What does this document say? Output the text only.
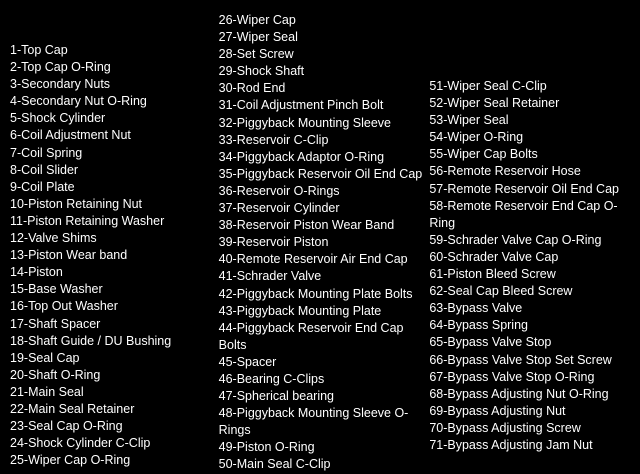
1-Top Cap
2-Top Cap O-Ring
3-Secondary Nuts
4-Secondary Nut O-Ring
5-Shock Cylinder
6-Coil Adjustment Nut
7-Coil Spring
8-Coil Slider
9-Coil Plate
10-Piston Retaining Nut
11-Piston Retaining Washer
12-Valve Shims
13-Piston Wear band
14-Piston
15-Base Washer
16-Top Out Washer
17-Shaft Spacer
18-Shaft Guide / DU Bushing
19-Seal Cap
20-Shaft O-Ring
21-Main Seal
22-Main Seal Retainer
23-Seal Cap O-Ring
24-Shock Cylinder C-Clip
25-Wiper Cap O-Ring
26-Wiper Cap
27-Wiper Seal
28-Set Screw
29-Shock Shaft
30-Rod End
31-Coil Adjustment Pinch Bolt
32-Piggyback Mounting Sleeve
33-Reservoir C-Clip
34-Piggyback Adaptor O-Ring
35-Piggyback Reservoir Oil End Cap
36-Reservoir O-Rings
37-Reservoir Cylinder
38-Reservoir Piston Wear Band
39-Reservoir Piston
40-Remote Reservoir Air End Cap
41-Schrader Valve
42-Piggyback Mounting Plate Bolts
43-Piggyback Mounting Plate
44-Piggyback Reservoir End Cap Bolts
45-Spacer
46-Bearing C-Clips
47-Spherical bearing
48-Piggyback Mounting Sleeve O-Rings
49-Piston O-Ring
50-Main Seal C-Clip
51-Wiper Seal C-Clip
52-Wiper Seal Retainer
53-Wiper Seal
54-Wiper O-Ring
55-Wiper Cap Bolts
56-Remote Reservoir Hose
57-Remote Reservoir Oil End Cap
58-Remote Reservoir End Cap O-Ring
59-Schrader Valve Cap O-Ring
60-Schrader Valve Cap
61-Piston Bleed Screw
62-Seal Cap Bleed Screw
63-Bypass Valve
64-Bypass Spring
65-Bypass Valve Stop
66-Bypass Valve Stop Set Screw
67-Bypass Valve Stop O-Ring
68-Bypass Adjusting Nut O-Ring
69-Bypass Adjusting Nut
70-Bypass Adjusting Screw
71-Bypass Adjusting Jam Nut
